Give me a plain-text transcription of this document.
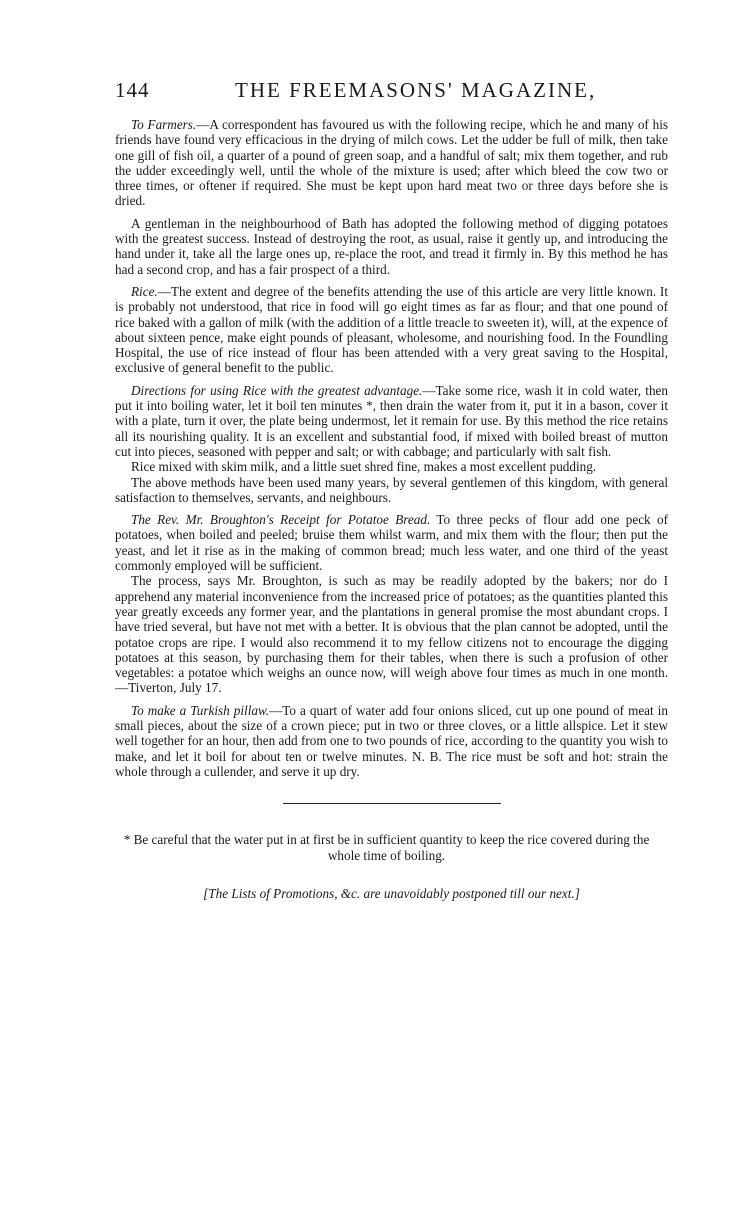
144	THE FREEMASONS' MAGAZINE,

To Farmers.—A correspondent has favoured us with the following recipe, which he and many of his friends have found very efficacious in the drying of milch cows. Let the udder be full of milk, then take one gill of fish oil, a quarter of a pound of green soap, and a handful of salt; mix them together, and rub the udder exceedingly well, until the whole of the mixture is used; after which bleed the cow two or three times, or oftener if required. She must be kept upon hard meat two or three days before she is dried.

A gentleman in the neighbourhood of Bath has adopted the following method of digging potatoes with the greatest success. Instead of destroying the root, as usual, raise it gently up, and introducing the hand under it, take all the large ones up, re-place the root, and tread it firmly in. By this method he has had a second crop, and has a fair prospect of a third.

Rice.—The extent and degree of the benefits attending the use of this article are very little known. It is probably not understood, that rice in food will go eight times as far as flour; and that one pound of rice baked with a gallon of milk (with the addition of a little treacle to sweeten it), will, at the expence of about sixteen pence, make eight pounds of pleasant, wholesome, and nourishing food. In the Foundling Hospital, the use of rice instead of flour has been attended with a very great saving to the Hospital, exclusive of general benefit to the public.

Directions for using Rice with the greatest advantage.—Take some rice, wash it in cold water, then put it into boiling water, let it boil ten minutes *, then drain the water from it, put it in a bason, cover it with a plate, turn it over, the plate being undermost, let it remain for use. By this method the rice retains all its nourishing quality. It is an excellent and substantial food, if mixed with boiled breast of mutton cut into pieces, seasoned with pepper and salt; or with cabbage; and particularly with salt fish.

Rice mixed with skim milk, and a little suet shred fine, makes a most excellent pudding.

The above methods have been used many years, by several gentlemen of this kingdom, with general satisfaction to themselves, servants, and neighbours.

The Rev. Mr. Broughton's Receipt for Potatoe Bread. To three pecks of flour add one peck of potatoes, when boiled and peeled; bruise them whilst warm, and mix them with the flour; then put the yeast, and let it rise as in the making of common bread; much less water, and one third of the yeast commonly employed will be sufficient.

The process, says Mr. Broughton, is such as may be readily adopted by the bakers; nor do I apprehend any material inconvenience from the increased price of potatoes; as the quantities planted this year greatly exceeds any former year, and the plantations in general promise the most abundant crops. I have tried several, but have not met with a better. It is obvious that the plan cannot be adopted, until the potatoe crops are ripe. I would also recommend it to my fellow citizens not to encourage the digging potatoes at this season, by purchasing them for their tables, when there is such a profusion of other vegetables: a potatoe which weighs an ounce now, will weigh above four times as much in one month.—Tiverton, July 17.

To make a Turkish pillaw.—To a quart of water add four onions sliced, cut up one pound of meat in small pieces, about the size of a crown piece; put in two or three cloves, or a little allspice. Let it stew well together for an hour, then add from one to two pounds of rice, according to the quantity you wish to make, and let it boil for about ten or twelve minutes. N. B. The rice must be soft and hot: strain the whole through a cullender, and serve it up dry.

* Be careful that the water put in at first be in sufficient quantity to keep the rice covered during the whole time of boiling.
[The Lists of Promotions, &c. are unavoidably postponed till our next.]
